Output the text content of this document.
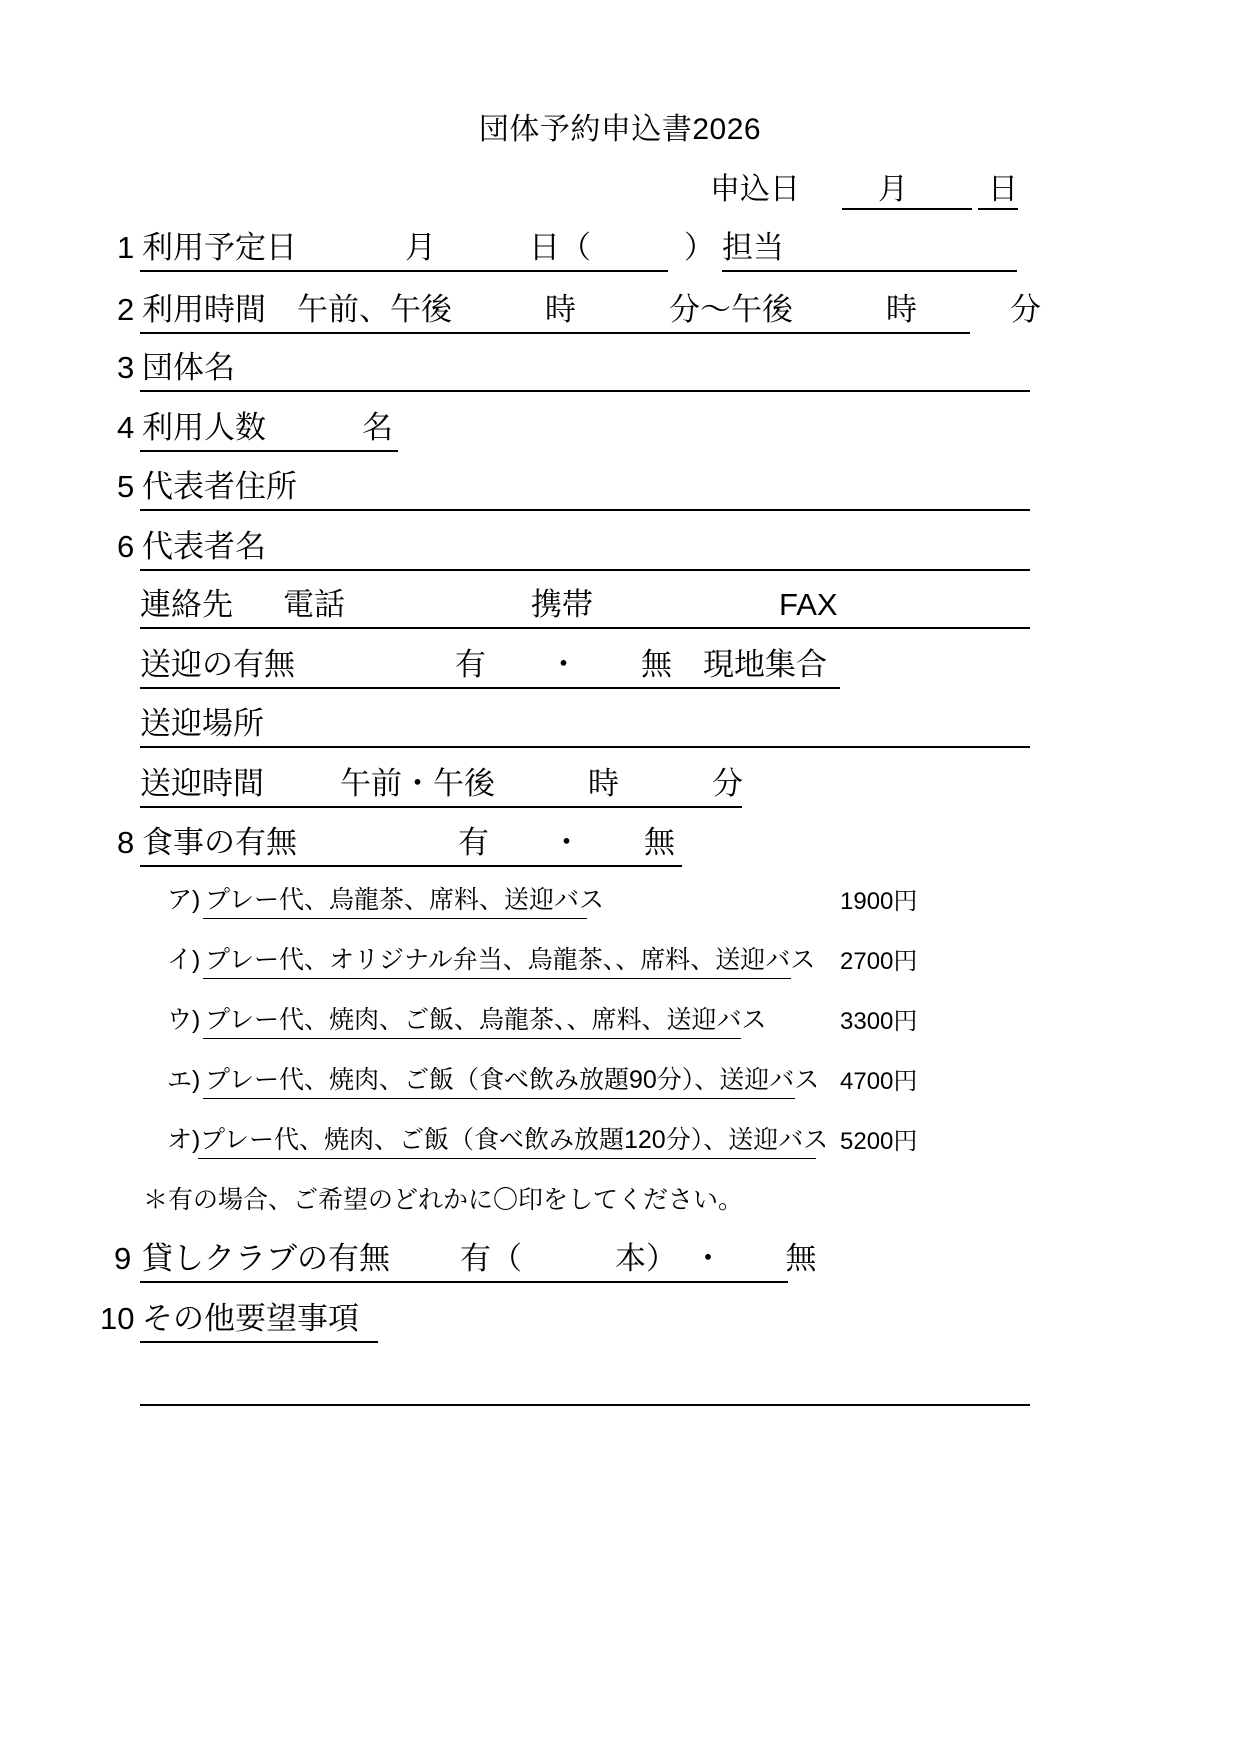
団体予約申込書2026
申込日	月	日
1 利用予定日	月　　　日（　　　） 担当
2 利用時間 午前、午後　　　時　　　分〜午後　　　時　　　分
3 団体名
4 利用人数	名
5 代表者住所
6 代表者名
連絡先 電話　　　　　　携帯　　　　　　FAX
送迎の有無	有　　・　　無　現地集合
送迎場所
送迎時間 午前・午後　　　時　　　分
8 食事の有無	有　　・　　無
ア) プレー代、烏龍茶、席料、送迎バス	1900円
イ) プレー代、オリジナル弁当、烏龍茶、、席料、送迎バス 2700円
ウ) プレー代、焼肉、ご飯、烏龍茶、、席料、送迎バス	3300円
エ) プレー代、焼肉、ご飯（食べ飲み放題90分）、送迎バス 4700円
オ) プレー代、焼肉、ご飯（食べ飲み放題120分）、送迎バス 5200円
＊有の場合、ご希望のどれかに〇印をしてください。
9 貸しクラブの有無 有（　　　本）　・　　無
10 その他要望事項
